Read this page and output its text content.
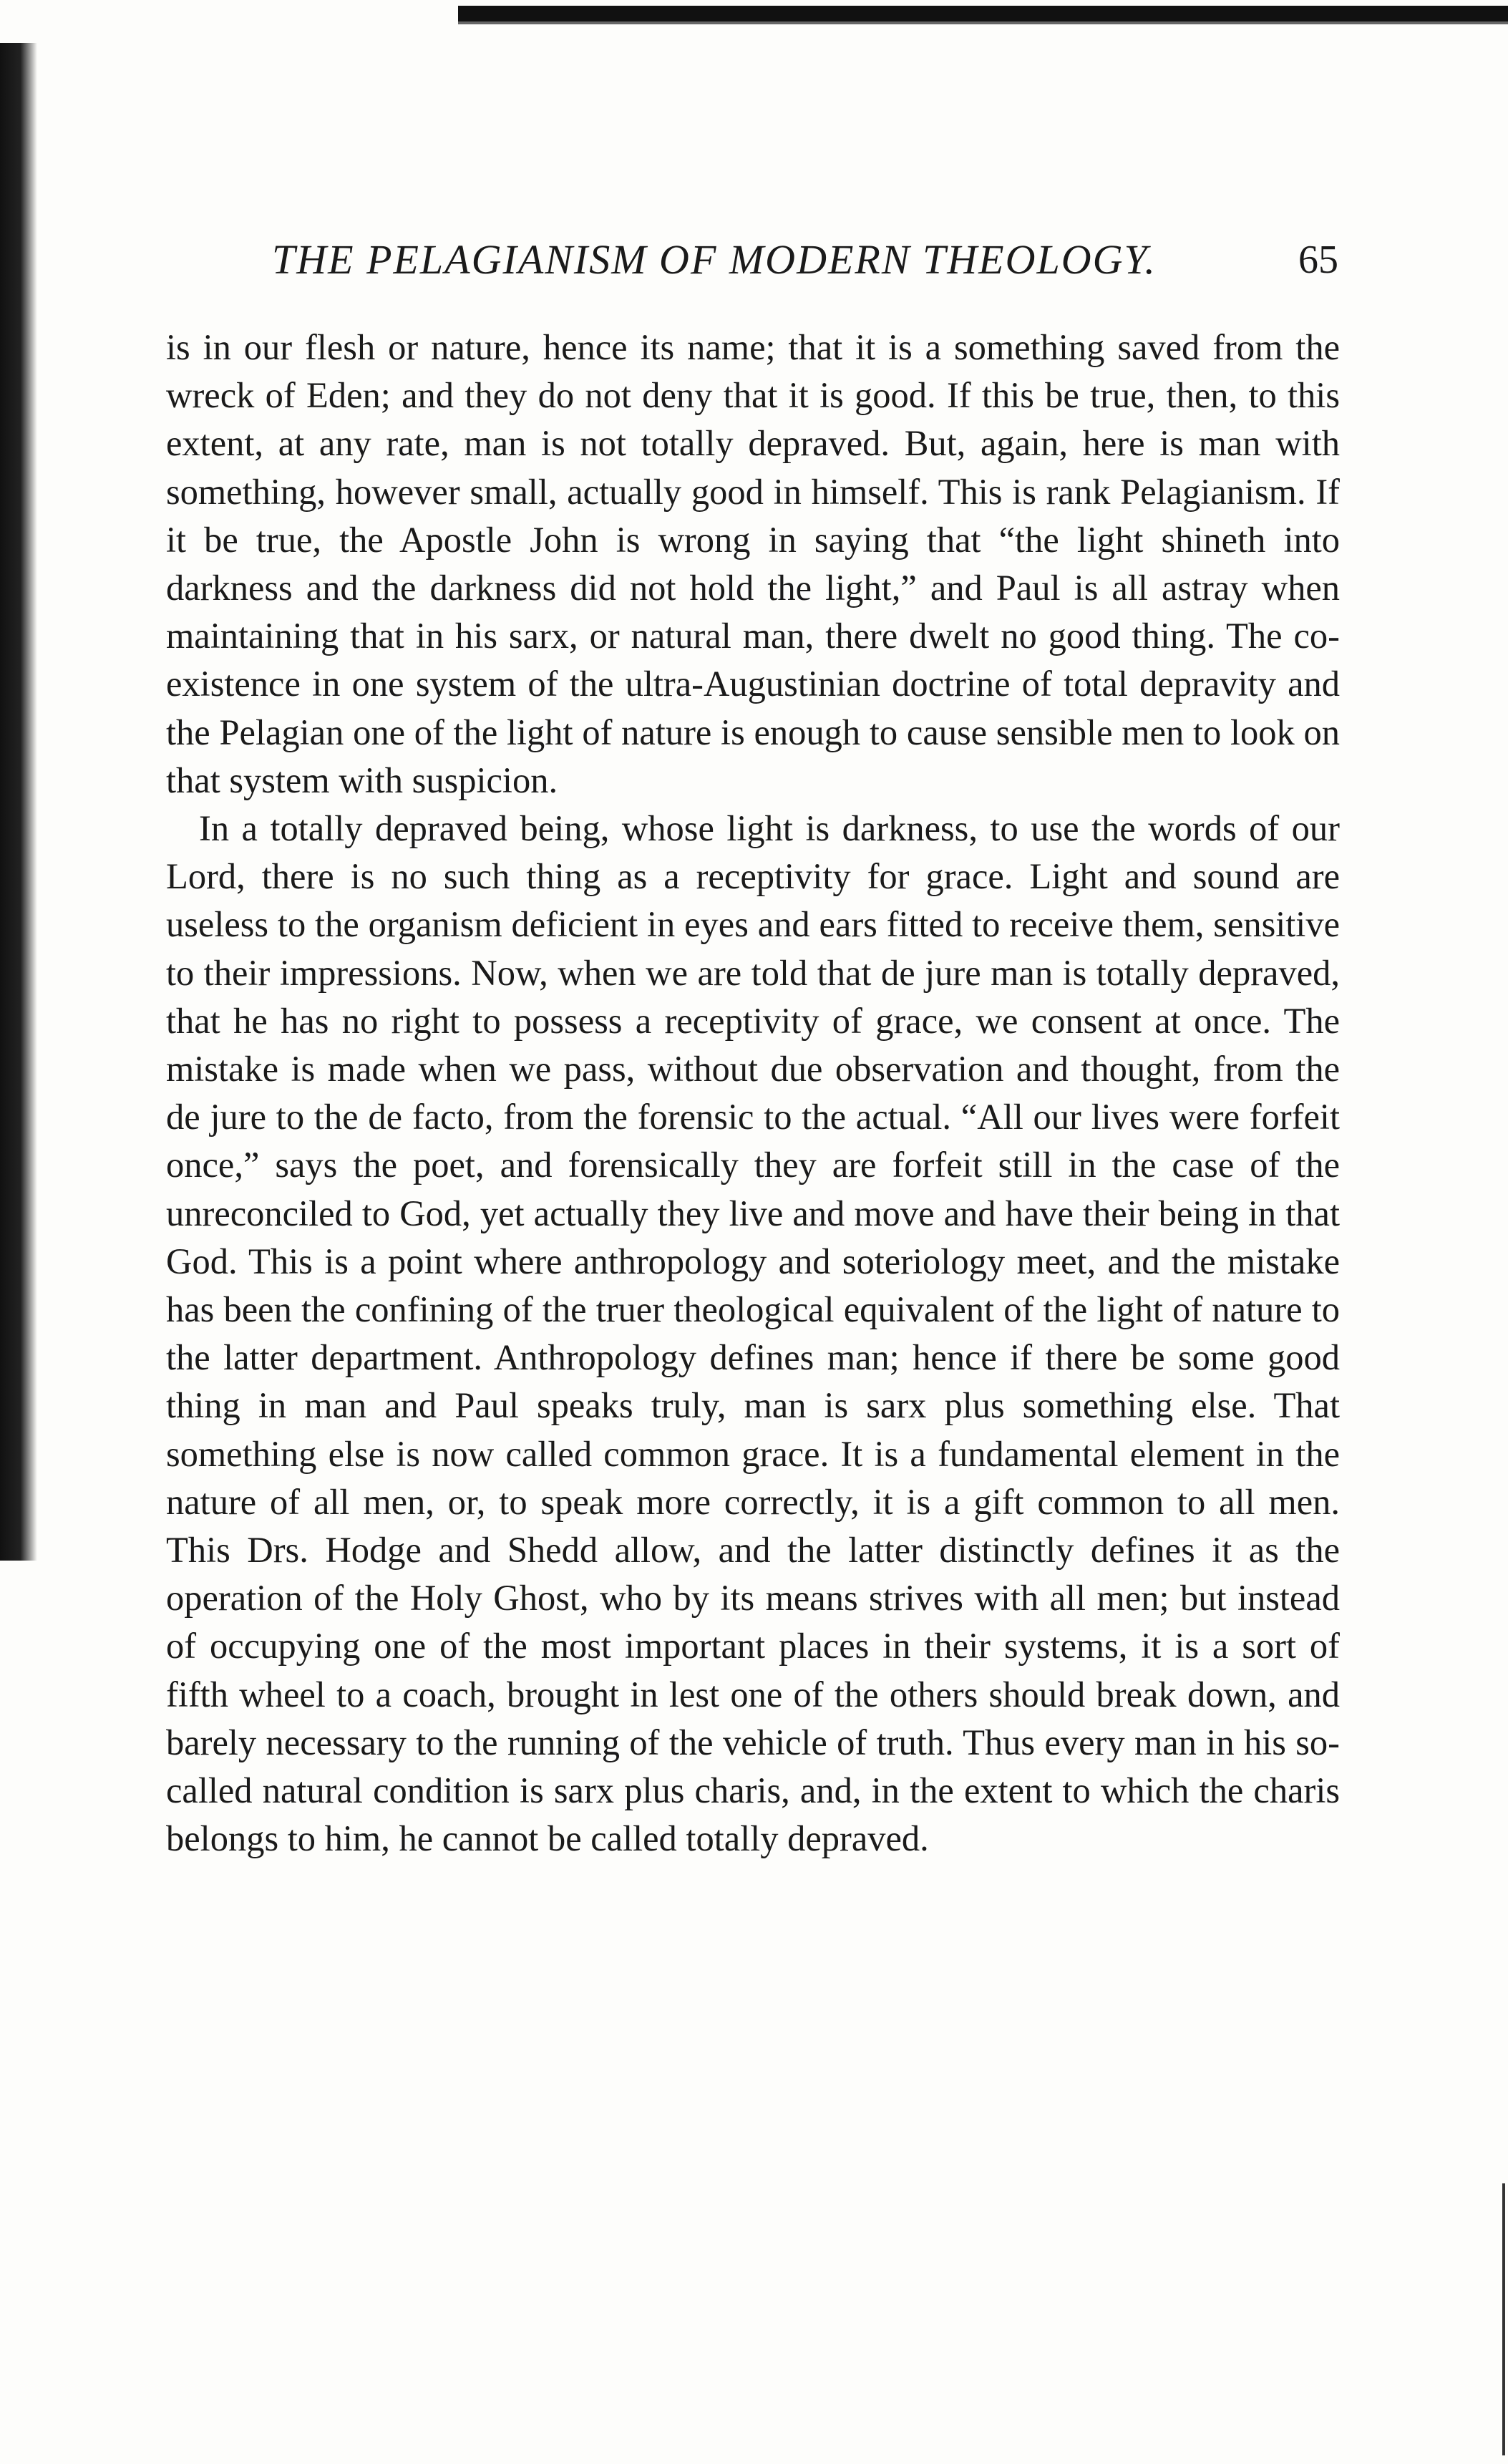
THE PELAGIANISM OF MODERN THEOLOGY.	65

is in our flesh or nature, hence its name; that it is a something saved from the wreck of Eden; and they do not deny that it is good. If this be true, then, to this extent, at any rate, man is not totally depraved. But, again, here is man with something, however small, actually good in himself. This is rank Pelagianism. If it be true, the Apostle John is wrong in saying that “the light shineth into darkness and the darkness did not hold the light,” and Paul is all astray when maintaining that in his sarx, or natural man, there dwelt no good thing. The co-existence in one system of the ultra-Augustinian doctrine of total depravity and the Pelagian one of the light of nature is enough to cause sensible men to look on that system with suspicion.

In a totally depraved being, whose light is darkness, to use the words of our Lord, there is no such thing as a receptivity for grace. Light and sound are useless to the organism deficient in eyes and ears fitted to receive them, sensitive to their impressions. Now, when we are told that de jure man is totally depraved, that he has no right to possess a receptivity of grace, we consent at once. The mistake is made when we pass, without due observation and thought, from the de jure to the de facto, from the forensic to the actual. “All our lives were forfeit once,” says the poet, and forensically they are forfeit still in the case of the unreconciled to God, yet actually they live and move and have their being in that God. This is a point where anthropology and soteriology meet, and the mistake has been the confining of the truer theological equivalent of the light of nature to the latter department. Anthropology defines man; hence if there be some good thing in man and Paul speaks truly, man is sarx plus something else. That something else is now called common grace. It is a fundamental element in the nature of all men, or, to speak more correctly, it is a gift common to all men. This Drs. Hodge and Shedd allow, and the latter distinctly defines it as the operation of the Holy Ghost, who by its means strives with all men; but instead of occupying one of the most important places in their systems, it is a sort of fifth wheel to a coach, brought in lest one of the others should break down, and barely necessary to the running of the vehicle of truth. Thus every man in his so-called natural condition is sarx plus charis, and, in the extent to which the charis belongs to him, he cannot be called totally depraved.
